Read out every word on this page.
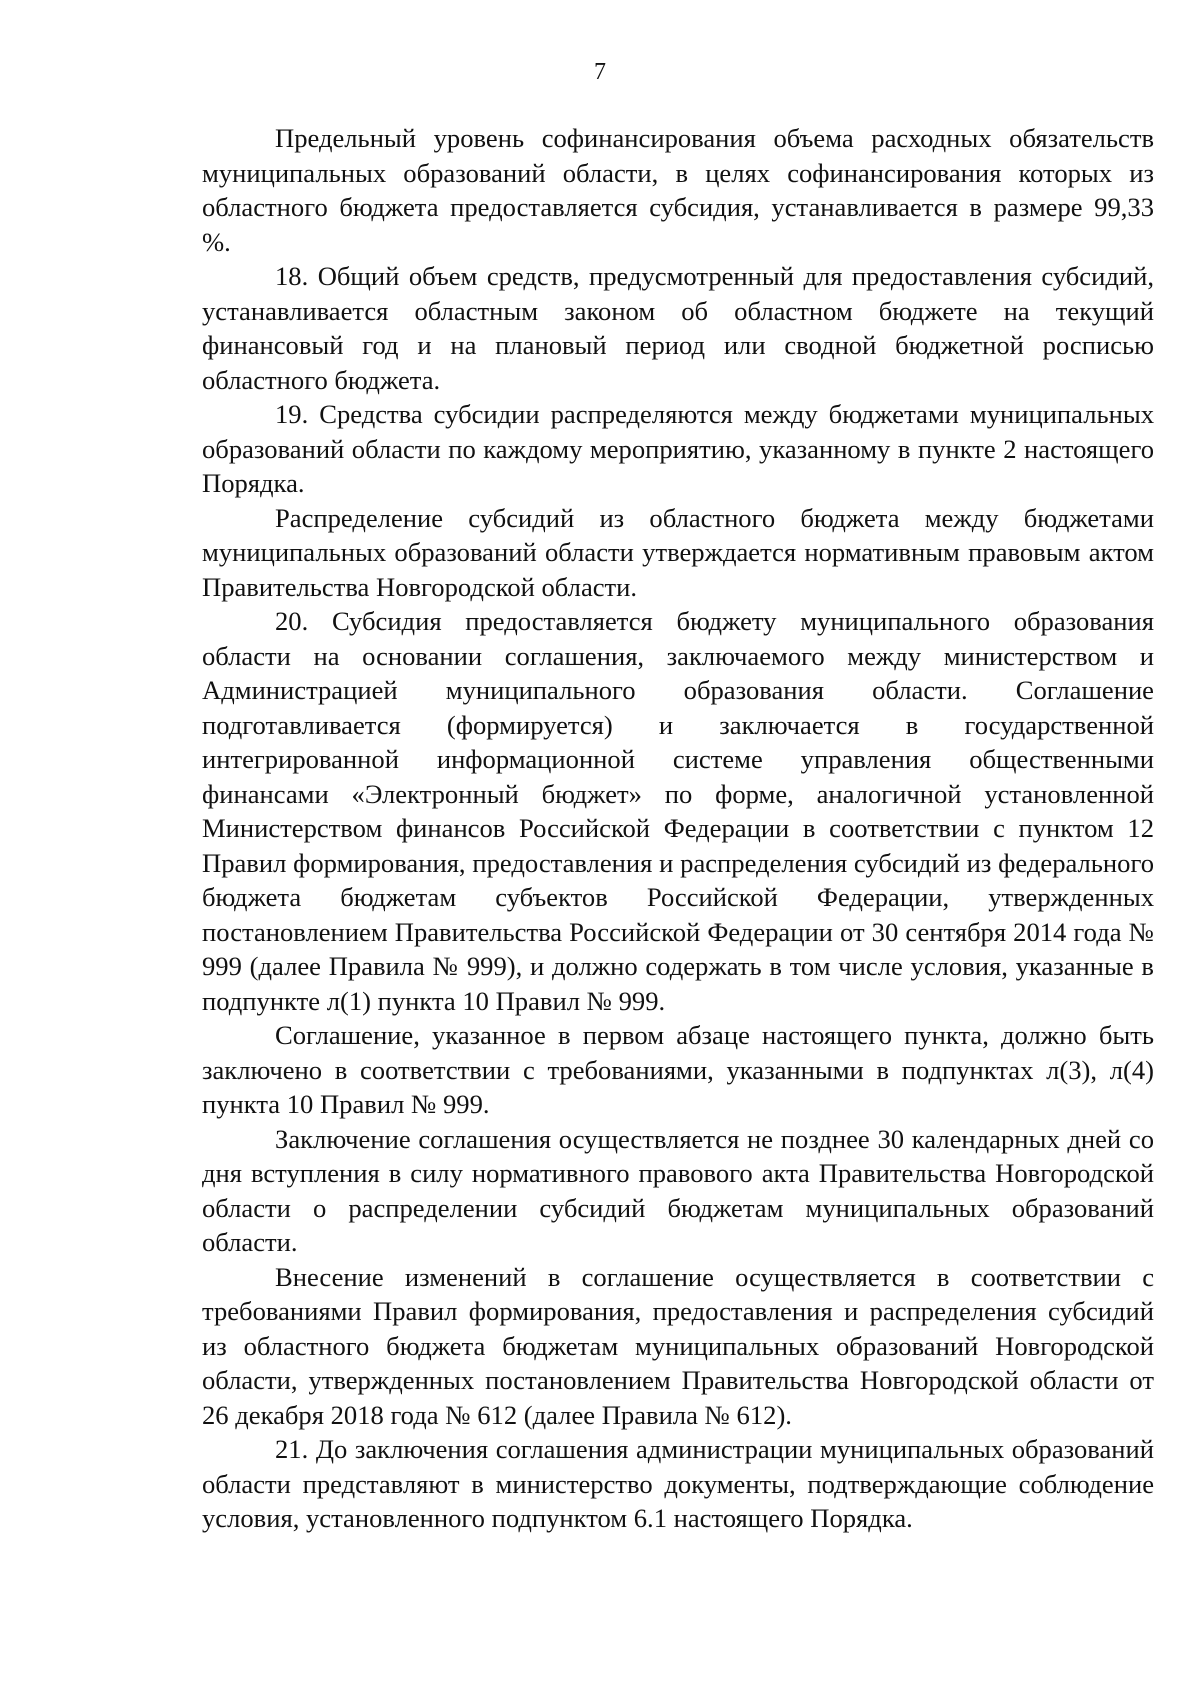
7

Предельный уровень софинансирования объема расходных обязательств муниципальных образований области, в целях софинансирования которых из областного бюджета предоставляется субсидия, устанавливается в размере 99,33 %.

18. Общий объем средств, предусмотренный для предоставления субсидий, устанавливается областным законом об областном бюджете на текущий финансовый год и на плановый период или сводной бюджетной росписью областного бюджета.

19. Средства субсидии распределяются между бюджетами муниципальных образований области по каждому мероприятию, указанному в пункте 2 настоящего Порядка.

Распределение субсидий из областного бюджета между бюджетами муниципальных образований области утверждается нормативным правовым актом Правительства Новгородской области.

20. Субсидия предоставляется бюджету муниципального образования области на основании соглашения, заключаемого между министерством и Администрацией муниципального образования области. Соглашение подготавливается (формируется) и заключается в государственной интегрированной информационной системе управления общественными финансами «Электронный бюджет» по форме, аналогичной установленной Министерством финансов Российской Федерации в соответствии с пунктом 12 Правил формирования, предоставления и распределения субсидий из федерального бюджета бюджетам субъектов Российской Федерации, утвержденных постановлением Правительства Российской Федерации от 30 сентября 2014 года № 999 (далее Правила № 999), и должно содержать в том числе условия, указанные в подпункте л(1) пункта 10 Правил № 999.

Соглашение, указанное в первом абзаце настоящего пункта, должно быть заключено в соответствии с требованиями, указанными в подпунктах л(3), л(4) пункта 10 Правил № 999.

Заключение соглашения осуществляется не позднее 30 календарных дней со дня вступления в силу нормативного правового акта Правительства Новгородской области о распределении субсидий бюджетам муниципальных образований области.

Внесение изменений в соглашение осуществляется в соответствии с требованиями Правил формирования, предоставления и распределения субсидий из областного бюджета бюджетам муниципальных образований Новгородской области, утвержденных постановлением Правительства Новгородской области от 26 декабря 2018 года № 612 (далее Правила № 612).

21. До заключения соглашения администрации муниципальных образований области представляют в министерство документы, подтверждающие соблюдение условия, установленного подпунктом 6.1 настоящего Порядка.
